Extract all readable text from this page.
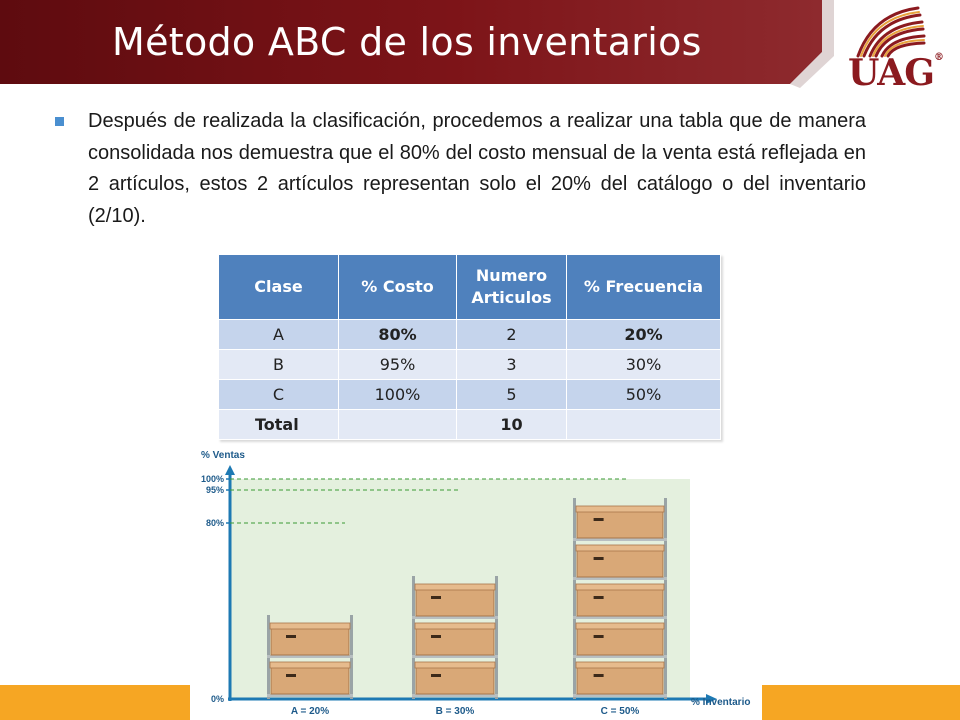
Método ABC de los inventarios
UAG®
Después de realizada la clasificación, procedemos a realizar una tabla que de manera consolidada nos demuestra que el 80% del costo mensual de la venta está reflejada en 2 artículos, estos 2 artículos representan solo el 20% del catálogo o del inventario (2/10).
Clase	% Costo	Numero Articulos	% Frecuencia
A	80%	2	20%
B	95%	3	30%
C	100%	5	50%
Total		10	
% Ventas
% Inventario
100%
95%
80%
0%
A = 20%	B = 30%	C = 50%
